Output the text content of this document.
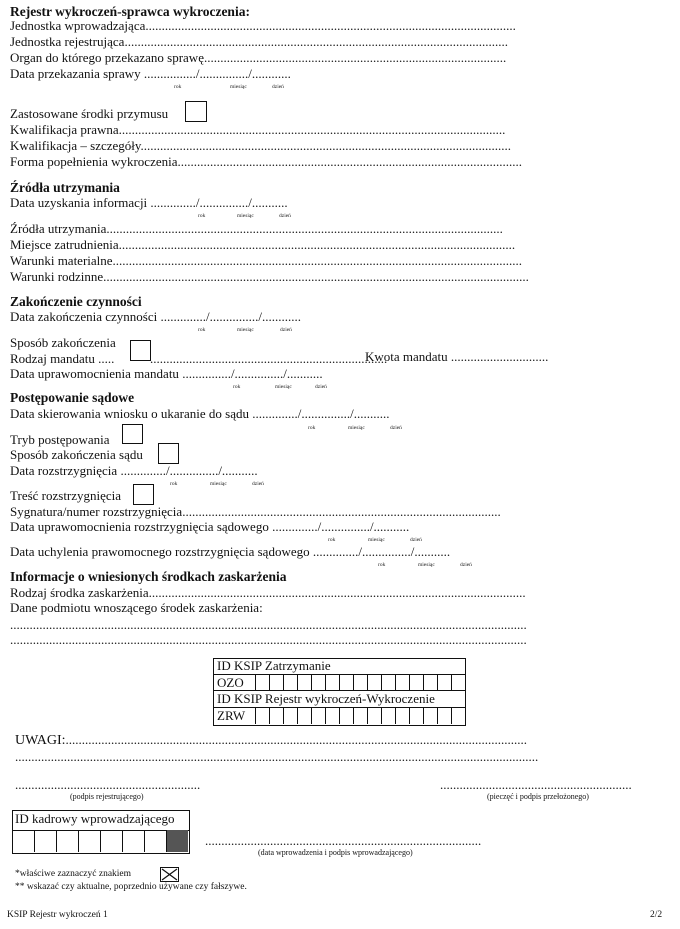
Rejestr wykroczeń-sprawca wykroczenia:
Jednostka wprowadzająca..................................................................................................................
Jednostka rejestrująca......................................................................................................................
Organ do którego przekazano sprawę.............................................................................................
Data przekazania sprawy ................/.............../............
rok	miesiąc	dzień
Zastosowane środki przymusu
Kwalifikacja prawna.......................................................................................................................
Kwalifikacja – szczegóły..................................................................................................................
Forma popełnienia wykroczenia..........................................................................................................
Źródła utrzymania
Data uzyskania informacji ............../.............../...........
rok	miesiąc	dzień
Źródła utrzymania..........................................................................................................................
Miejsce zatrudnienia..........................................................................................................................
Warunki materialne..............................................................................................................................
Warunki rodzinne...................................................................................................................................
Zakończenie czynności
Data zakończenia czynności ............../.............../............
rok	miesiąc	dzień
Sposób zakończenia
Rodzaj mandatu .....	.........................................................................
Kwota mandatu ..............................
Data uprawomocnienia mandatu .............../.............../...........
rok	miesiąc	dzień
Postępowanie sądowe
Data skierowania wniosku o ukaranie do sądu ............../.............../...........
rok	miesiąc	dzień
Tryb postępowania
Sposób zakończenia sądu
Data rozstrzygnięcia ............../.............../...........
rok	miesiąc	dzień
Treść rozstrzygnięcia
Sygnatura/numer rozstrzygnięcia..................................................................................................
Data uprawomocnienia rozstrzygnięcia sądowego ............../.............../...........
rok	miesiąc	dzień
Data uchylenia prawomocnego rozstrzygnięcia sądowego ............../.............../...........
rok	miesiąc	dzień
Informacje o wniesionych środkach zaskarżenia
Rodzaj środka zaskarżenia....................................................................................................................
Dane podmiotu wnoszącego środek zaskarżenia:
...............................................................................................................................................................
...............................................................................................................................................................
ID KSIP Zatrzymanie
OZO
ID KSIP Rejestr wykroczeń-Wykroczenie
ZRW
UWAGI:..............................................................................................................................................
.................................................................................................................................................................
.........................................................
(podpis rejestrującego)
...........................................................
(pieczęć i podpis przełożonego)
ID kadrowy wprowadzającego
.....................................................................................
(data wprowadzenia i podpis wprowadzającego)
*właściwe zaznaczyć znakiem
** wskazać czy aktualne, poprzednio używane czy fałszywe.
KSIP Rejestr wykroczeń 1	2/2
